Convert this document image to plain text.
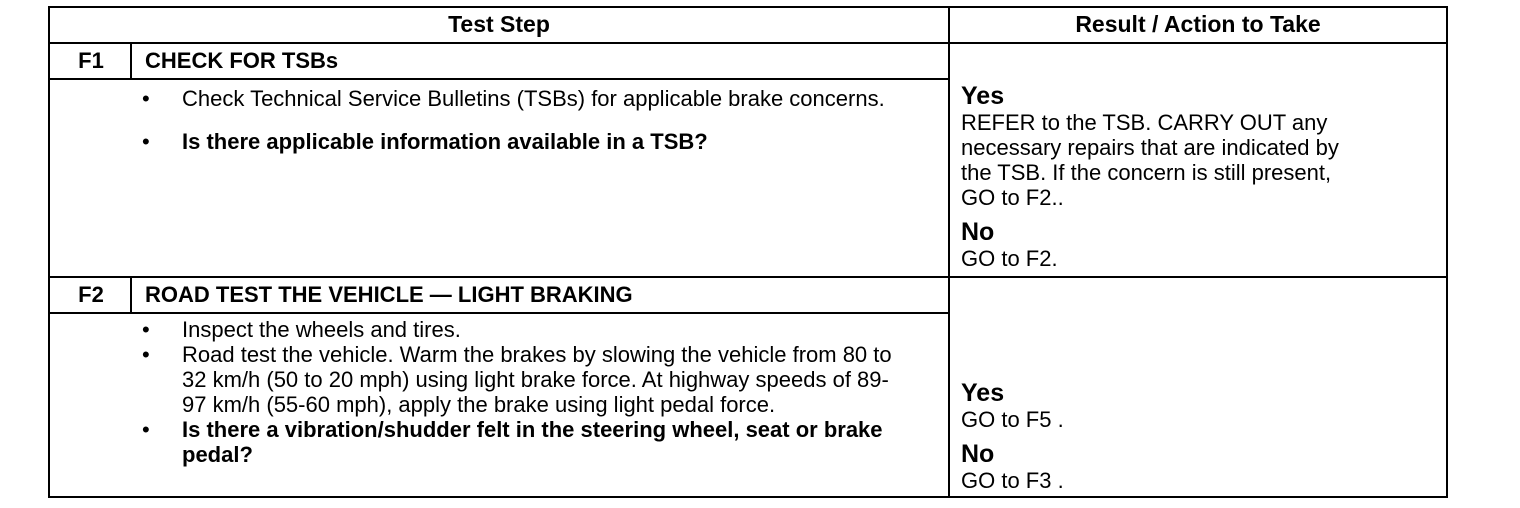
Test Step	Result / Action to Take
F1	CHECK FOR TSBs
• Check Technical Service Bulletins (TSBs) for applicable brake concerns.
• Is there applicable information available in a TSB?
Yes
REFER to the TSB. CARRY OUT any necessary repairs that are indicated by the TSB. If the concern is still present, GO to F2..
No
GO to F2.
F2	ROAD TEST THE VEHICLE — LIGHT BRAKING
• Inspect the wheels and tires.
• Road test the vehicle. Warm the brakes by slowing the vehicle from 80 to 32 km/h (50 to 20 mph) using light brake force. At highway speeds of 89-97 km/h (55-60 mph), apply the brake using light pedal force.
• Is there a vibration/shudder felt in the steering wheel, seat or brake pedal?
Yes
GO to F5 .
No
GO to F3 .
